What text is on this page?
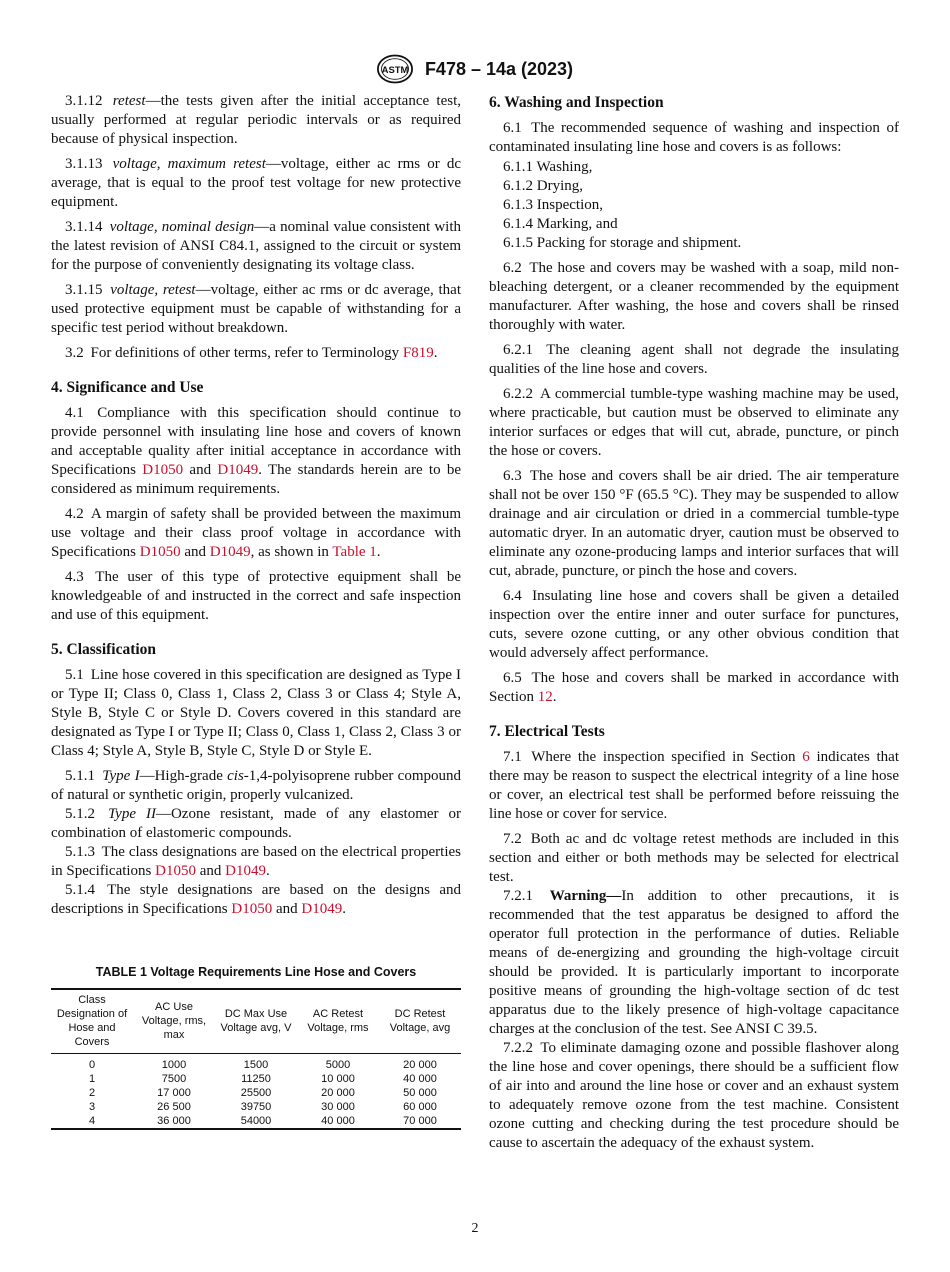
ASTM F478 – 14a (2023)

3.1.12 retest—the tests given after the initial acceptance test, usually performed at regular periodic intervals or as required because of physical inspection.

3.1.13 voltage, maximum retest—voltage, either ac rms or dc average, that is equal to the proof test voltage for new protective equipment.

3.1.14 voltage, nominal design—a nominal value consistent with the latest revision of ANSI C84.1, assigned to the circuit or system for the purpose of conveniently designating its voltage class.

3.1.15 voltage, retest—voltage, either ac rms or dc average, that used protective equipment must be capable of withstanding for a specific test period without breakdown.

3.2 For definitions of other terms, refer to Terminology F819.

4. Significance and Use

4.1 Compliance with this specification should continue to provide personnel with insulating line hose and covers of known and acceptable quality after initial acceptance in accordance with Specifications D1050 and D1049. The standards herein are to be considered as minimum requirements.

4.2 A margin of safety shall be provided between the maximum use voltage and their class proof voltage in accordance with Specifications D1050 and D1049, as shown in Table 1.

4.3 The user of this type of protective equipment shall be knowledgeable of and instructed in the correct and safe inspection and use of this equipment.

5. Classification

5.1 Line hose covered in this specification are designed as Type I or Type II; Class 0, Class 1, Class 2, Class 3 or Class 4; Style A, Style B, Style C or Style D. Covers covered in this standard are designated as Type I or Type II; Class 0, Class 1, Class 2, Class 3 or Class 4; Style A, Style B, Style C, Style D or Style E.

5.1.1 Type I—High-grade cis-1,4-polyisoprene rubber compound of natural or synthetic origin, properly vulcanized.

5.1.2 Type II—Ozone resistant, made of any elastomer or combination of elastomeric compounds.

5.1.3 The class designations are based on the electrical properties in Specifications D1050 and D1049.

5.1.4 The style designations are based on the designs and descriptions in Specifications D1050 and D1049.

TABLE 1 Voltage Requirements Line Hose and Covers
Class Designation of Hose and Covers	AC Use Voltage, rms, max	DC Max Use Voltage avg, V	AC Retest Voltage, rms	DC Retest Voltage, avg
0	1000	1500	5000	20 000
1	7500	11250	10 000	40 000
2	17 000	25500	20 000	50 000
3	26 500	39750	30 000	60 000
4	36 000	54000	40 000	70 000
6. Washing and Inspection

6.1 The recommended sequence of washing and inspection of contaminated insulating line hose and covers is as follows:

6.1.1 Washing,
6.1.2 Drying,
6.1.3 Inspection,
6.1.4 Marking, and
6.1.5 Packing for storage and shipment.

6.2 The hose and covers may be washed with a soap, mild non-bleaching detergent, or a cleaner recommended by the equipment manufacturer. After washing, the hose and covers shall be rinsed thoroughly with water.

6.2.1 The cleaning agent shall not degrade the insulating qualities of the line hose and covers.

6.2.2 A commercial tumble-type washing machine may be used, where practicable, but caution must be observed to eliminate any interior surfaces or edges that will cut, abrade, puncture, or pinch the hose or covers.

6.3 The hose and covers shall be air dried. The air temperature shall not be over 150 °F (65.5 °C). They may be suspended to allow drainage and air circulation or dried in a commercial tumble-type automatic dryer. In an automatic dryer, caution must be observed to eliminate any ozone-producing lamps and interior surfaces that will cut, abrade, puncture, or pinch the hose and covers.

6.4 Insulating line hose and covers shall be given a detailed inspection over the entire inner and outer surface for punctures, cuts, severe ozone cutting, or any other obvious condition that would adversely affect performance.

6.5 The hose and covers shall be marked in accordance with Section 12.

7. Electrical Tests

7.1 Where the inspection specified in Section 6 indicates that there may be reason to suspect the electrical integrity of a line hose or cover, an electrical test shall be performed before reissuing the line hose or cover for service.

7.2 Both ac and dc voltage retest methods are included in this section and either or both methods may be selected for electrical test.

7.2.1 Warning—In addition to other precautions, it is recommended that the test apparatus be designed to afford the operator full protection in the performance of duties. Reliable means of de-energizing and grounding the high-voltage circuit should be provided. It is particularly important to incorporate positive means of grounding the high-voltage section of dc test apparatus due to the likely presence of high-voltage capacitance charges at the conclusion of the test. See ANSI C 39.5.

7.2.2 To eliminate damaging ozone and possible flashover along the line hose and cover openings, there should be a sufficient flow of air into and around the line hose or cover and an exhaust system to adequately remove ozone from the test machine. Consistent ozone cutting and checking during the test procedure should be cause to ascertain the adequacy of the exhaust system.

2
